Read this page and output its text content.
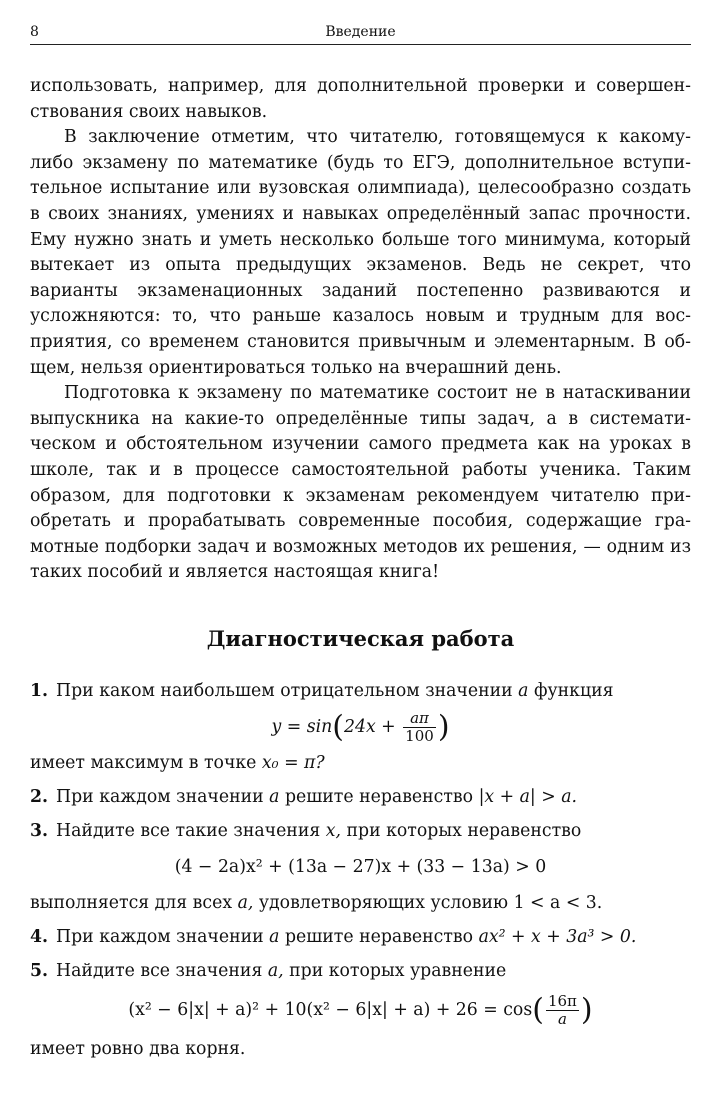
8	Введение

использовать, например, для дополнительной проверки и совершенствования своих навыков.

В заключение отметим, что читателю, готовящемуся к какому-либо экзамену по математике (будь то ЕГЭ, дополнительное вступительное испытание или вузовская олимпиада), целесообразно создать в своих знаниях, умениях и навыках определённый запас прочности. Ему нужно знать и уметь несколько больше того минимума, который вытекает из опыта предыдущих экзаменов. Ведь не секрет, что варианты экзаменационных заданий постепенно развиваются и усложняются: то, что раньше казалось новым и трудным для восприятия, со временем становится привычным и элементарным. В общем, нельзя ориентироваться только на вчерашний день.

Подготовка к экзамену по математике состоит не в натаскивании выпускника на какие-то определённые типы задач, а в систематическом и обстоятельном изучении самого предмета как на уроках в школе, так и в процессе самостоятельной работы ученика. Таким образом, для подготовки к экзаменам рекомендуем читателю приобретать и прорабатывать современные пособия, содержащие грамотные подборки задач и возможных методов их решения, — одним из таких пособий и является настоящая книга!

Диагностическая работа
1. При каком наибольшем отрицательном значении a функция
$y = \sin(24x + \frac{a\pi}{100}$ )
имеет максимум в точке x₀ = π?
2. При каждом значении a решите неравенство |x + a| > a.
3. Найдите все такие значения x, при которых неравенство
(4 − 2a)x² + (13a − 27)x + (33 − 13a) > 0
выполняется для всех a, удовлетворяющих условию 1 < a < 3.
4. При каждом значении a решите неравенство ax² + x + 3a³ > 0.
5. Найдите все значения a, при которых уравнение
$(x^2 - 6|x| + a)^2 + 10(x^2 - 6|x| + a) + 26 = \cos( \frac{16\pi}{a}$ )
имеет ровно два корня.
